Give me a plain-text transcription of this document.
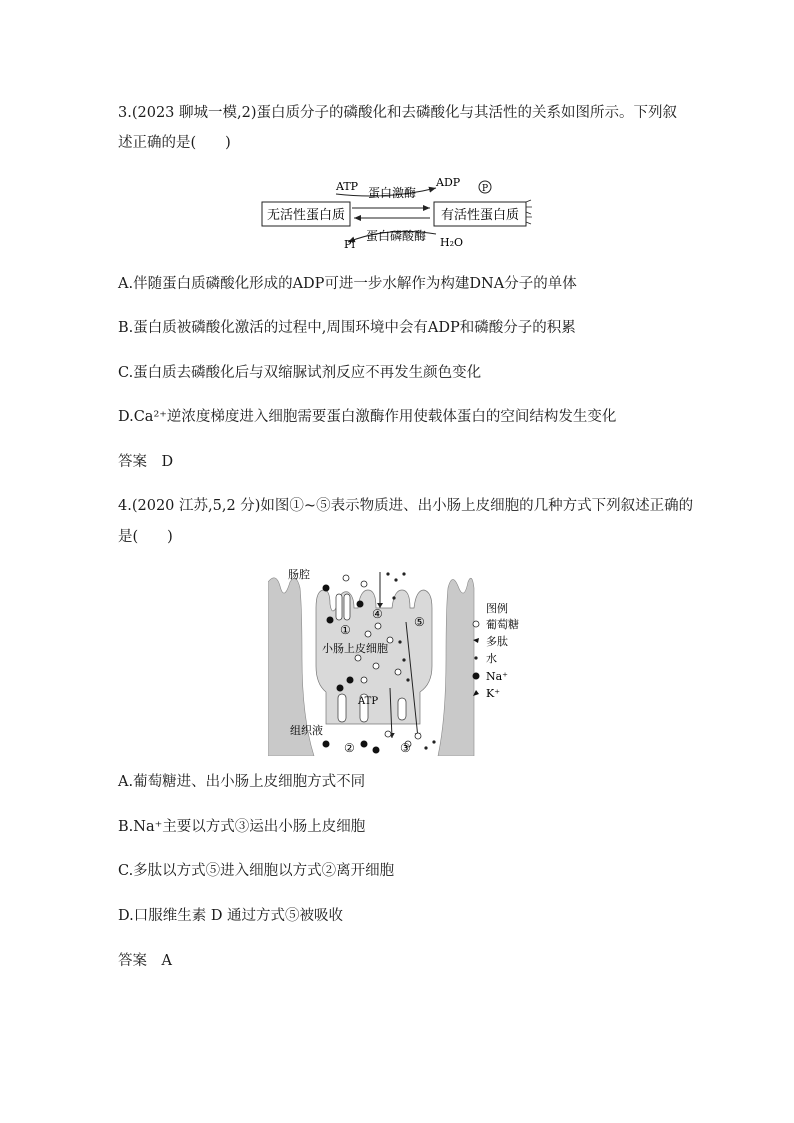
3.(2023 聊城一模,2)蛋白质分子的磷酸化和去磷酸化与其活性的关系如图所示。下列叙
述正确的是(　　)
无活性蛋白质	有活性蛋白质
ATP 蛋白激酶
ADP P
蛋白磷酸酶
Pi	H₂O
A.伴随蛋白质磷酸化形成的ADP可进一步水解作为构建DNA分子的单体
B.蛋白质被磷酸化激活的过程中,周围环境中会有ADP和磷酸分子的积累
C.蛋白质去磷酸化后与双缩脲试剂反应不再发生颜色变化
D.Ca²⁺逆浓度梯度进入细胞需要蛋白激酶作用使载体蛋白的空间结构发生变化
答案　D
4.(2020 江苏,5,2 分)如图①~⑤表示物质进、出小肠上皮细胞的几种方式下列叙述正确的
是(　　)
肠腔
小肠上皮细胞
组织液
ATP
①
②	③
④
⑤
图例
葡萄糖
多肽
水
Na⁺
K⁺
A.葡萄糖进、出小肠上皮细胞方式不同
B.Na⁺主要以方式③运出小肠上皮细胞
C.多肽以方式⑤进入细胞以方式②离开细胞
D.口服维生素 D 通过方式⑤被吸收
答案　A
